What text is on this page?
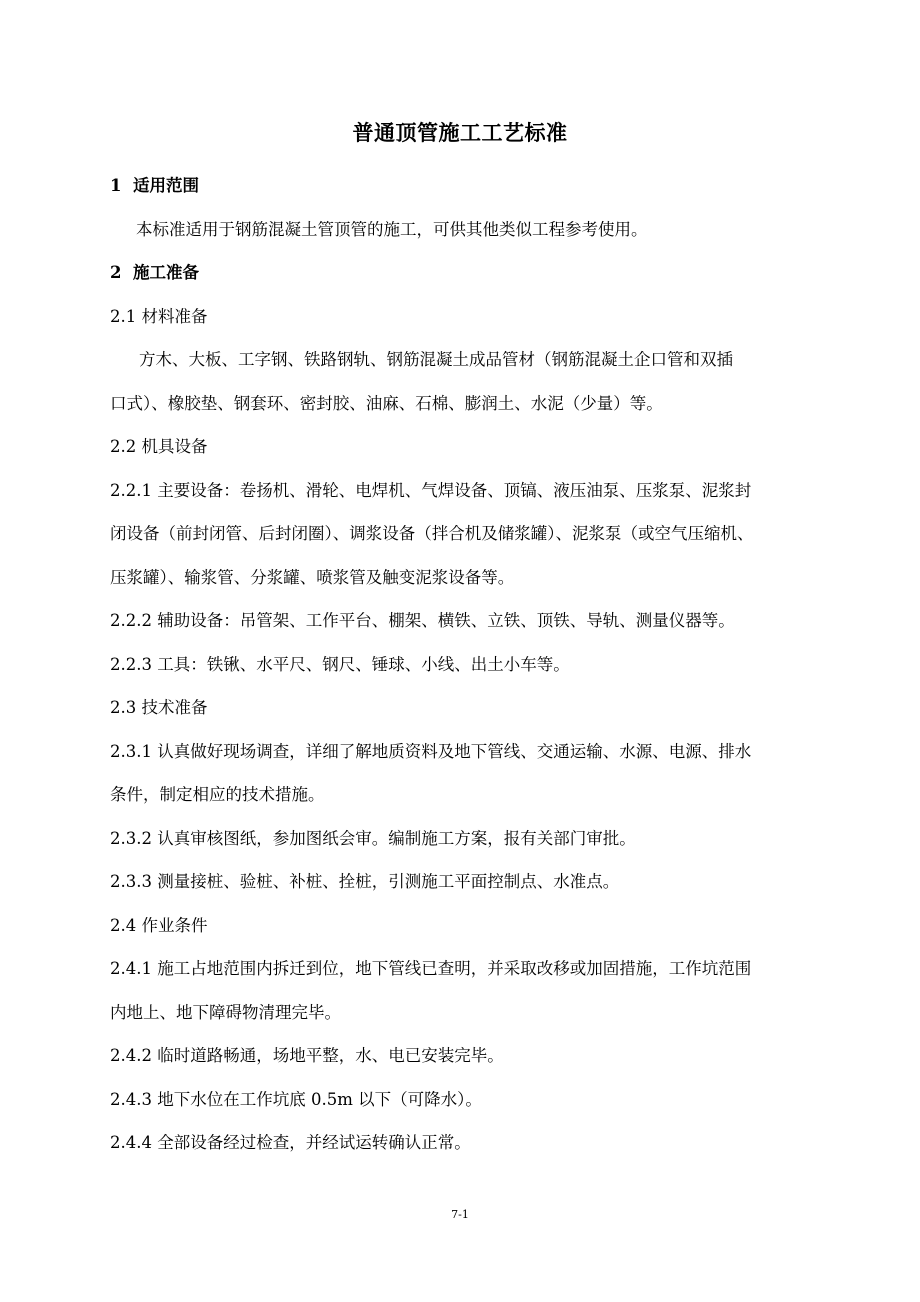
普通顶管施工工艺标准
1  适用范围
本标准适用于钢筋混凝土管顶管的施工，可供其他类似工程参考使用。
2  施工准备
2.1 材料准备
方木、大板、工字钢、铁路钢轨、钢筋混凝土成品管材（钢筋混凝土企口管和双插
口式）、橡胶垫、钢套环、密封胶、油麻、石棉、膨润土、水泥（少量）等。
2.2 机具设备
2.2.1 主要设备：卷扬机、滑轮、电焊机、气焊设备、顶镐、液压油泵、压浆泵、泥浆封
闭设备（前封闭管、后封闭圈）、调浆设备（拌合机及储浆罐）、泥浆泵（或空气压缩机、
压浆罐）、输浆管、分浆罐、喷浆管及触变泥浆设备等。
2.2.2 辅助设备：吊管架、工作平台、棚架、横铁、立铁、顶铁、导轨、测量仪器等。
2.2.3 工具：铁锹、水平尺、钢尺、锤球、小线、出土小车等。
2.3 技术准备
2.3.1 认真做好现场调查，详细了解地质资料及地下管线、交通运输、水源、电源、排水
条件，制定相应的技术措施。
2.3.2 认真审核图纸，参加图纸会审。编制施工方案，报有关部门审批。
2.3.3 测量接桩、验桩、补桩、拴桩，引测施工平面控制点、水准点。
2.4 作业条件
2.4.1 施工占地范围内拆迁到位，地下管线已查明，并采取改移或加固措施，工作坑范围
内地上、地下障碍物清理完毕。
2.4.2 临时道路畅通，场地平整，水、电已安装完毕。
2.4.3 地下水位在工作坑底 0.5m 以下（可降水）。
2.4.4 全部设备经过检查，并经试运转确认正常。
7-1
